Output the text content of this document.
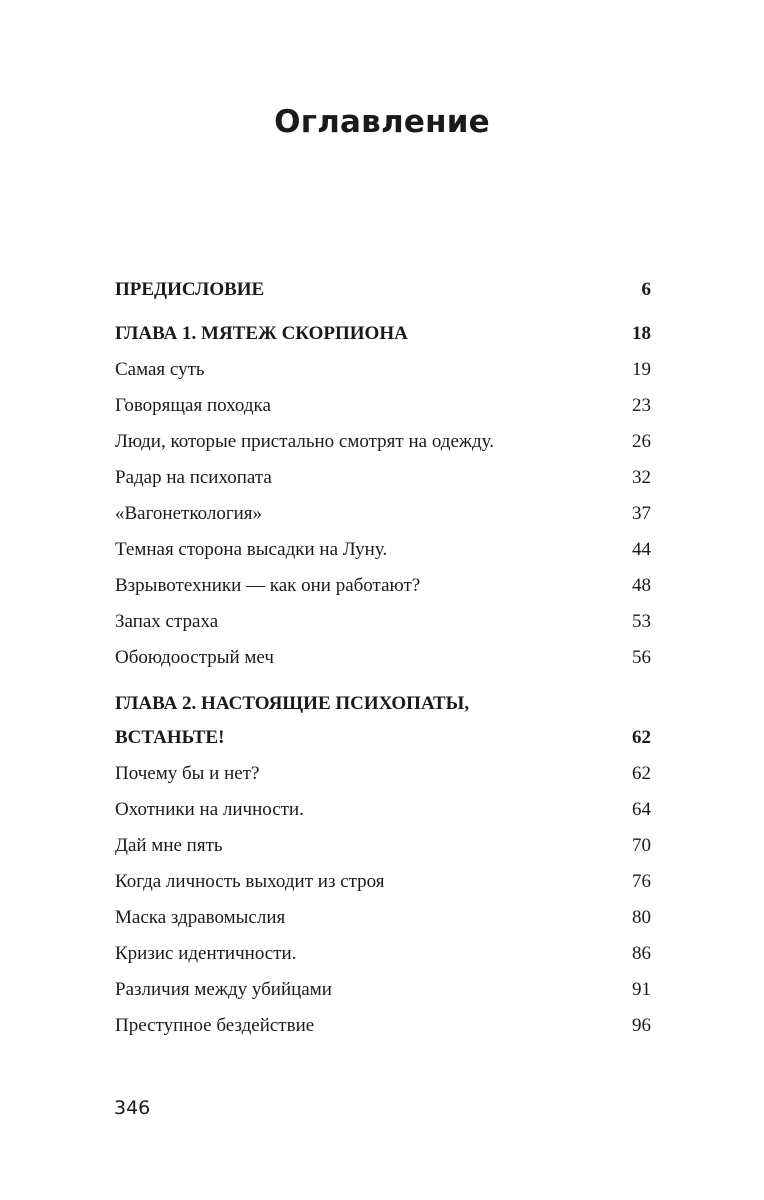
Оглавление
ПРЕДИСЛОВИЕ . . .	6
ГЛАВА 1. МЯТЕЖ СКОРПИОНА . . .	18
Самая суть . . .	19
Говорящая походка . . .	23
Люди, которые пристально смотрят на одежду. . . .	26
Радар на психопата . . .	32
«Вагонеткология» . . .	37
Темная сторона высадки на Луну. . . .	44
Взрывотехники — как они работают? . . .	48
Запах страха . . .	53
Обоюдоострый меч . . .	56
ГЛАВА 2. НАСТОЯЩИЕ ПСИХОПАТЫ,
ВСТАНЬТЕ! . . .	62
Почему бы и нет? . . .	62
Охотники на личности. . . .	64
Дай мне пять . . .	70
Когда личность выходит из строя . . .	76
Маска здравомыслия . . .	80
Кризис идентичности. . . .	86
Различия между убийцами . . .	91
Преступное бездействие . . .	96
346
